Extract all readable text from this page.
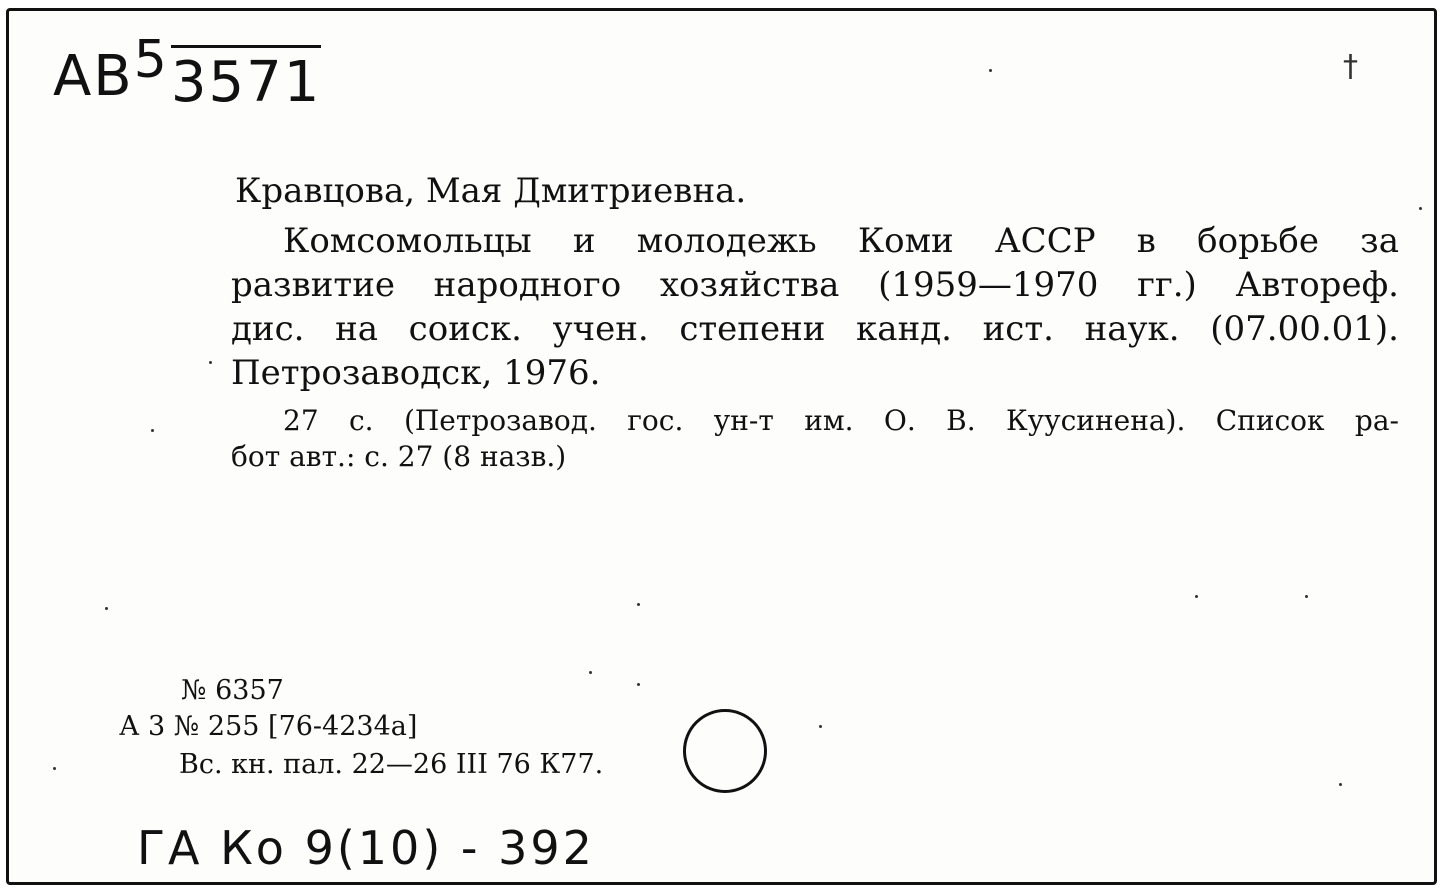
АВ53571	†
Кравцова, Мая Дмитриевна.
Комсомольцы и молодежь Коми АССР в борьбе за
развитие народного хозяйства (1959—1970 гг.) Автореф.
дис. на соиск. учен. степени канд. ист. наук. (07.00.01).
Петрозаводск, 1976.
27 с. (Петрозавод. гос. ун-т им. О. В. Куусинена). Список ра-
бот авт.: с. 27 (8 назв.)
№ 6357
А 3 № 255 [76-4234а]
Вс. кн. пал. 22—26 III 76 К77.
ГА Ко 9(10) - 392
